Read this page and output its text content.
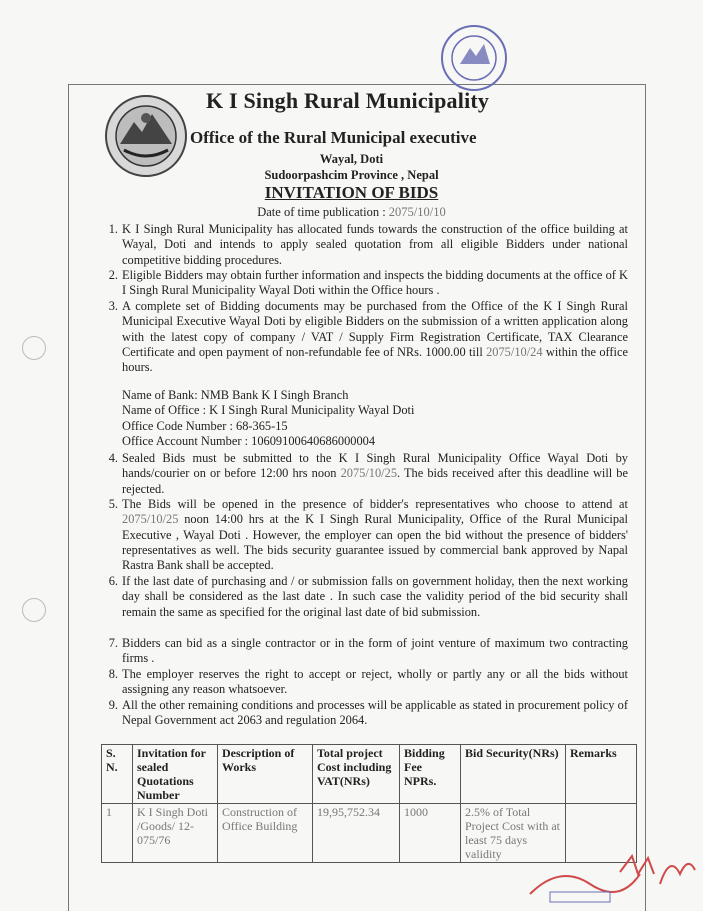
K I Singh Rural Municipality
Office of the Rural Municipal executive
Wayal, Doti
Sudoorpashcim Province , Nepal
INVITATION OF BIDS
Date of time publication : 2075/10/10
1. K I Singh Rural Municipality has allocated funds towards the construction of the office building at Wayal, Doti and intends to apply sealed quotation from all eligible Bidders under national competitive bidding procedures.
2. Eligible Bidders may obtain further information and inspects the bidding documents at the office of K I Singh Rural Municipality Wayal Doti within the Office hours .
3. A complete set of Bidding documents may be purchased from the Office of the K I Singh Rural Municipal Executive Wayal Doti by eligible Bidders on the submission of a written application along with the latest copy of company / VAT / Supply Firm Registration Certificate, TAX Clearance Certificate and open payment of non-refundable fee of NRs. 1000.00 till 2075/10/24 within the office hours.
Name of Bank: NMB Bank K I Singh Branch
Name of Office : K I Singh Rural Municipality Wayal Doti
Office Code Number : 68-365-15
Office Account Number : 10609100640686000004
4. Sealed Bids must be submitted to the K I Singh Rural Municipality Office Wayal Doti by hands/courier on or before 12:00 hrs noon 2075/10/25. The bids received after this deadline will be rejected.
5. The Bids will be opened in the presence of bidder's representatives who choose to attend at 2075/10/25 noon 14:00 hrs at the K I Singh Rural Municipality, Office of the Rural Municipal Executive , Wayal Doti . However, the employer can open the bid without the presence of bidders' representatives as well. The bids security guarantee issued by commercial bank approved by Napal Rastra Bank shall be accepted.
6. If the last date of purchasing and / or submission falls on government holiday, then the next working day shall be considered as the last date . In such case the validity period of the bid security shall remain the same as specified for the original last date of bid submission.
7. Bidders can bid as a single contractor or in the form of joint venture of maximum two contracting firms .
8. The employer reserves the right to accept or reject, wholly or partly any or all the bids without assigning any reason whatsoever.
9. All the other remaining conditions and processes will be applicable as stated in procurement policy of Nepal Government act 2063 and regulation 2064.
S. N.	Invitation for sealed Quotations Number	Description of Works	Total project Cost including VAT(NRs)	Bidding Fee NPRs.	Bid Security(NRs)	Remarks
1	K I Singh Doti /Goods/ 12-075/76	Construction of Office Building	19,95,752.34	1000	2.5% of Total Project Cost with at least 75 days validity	
